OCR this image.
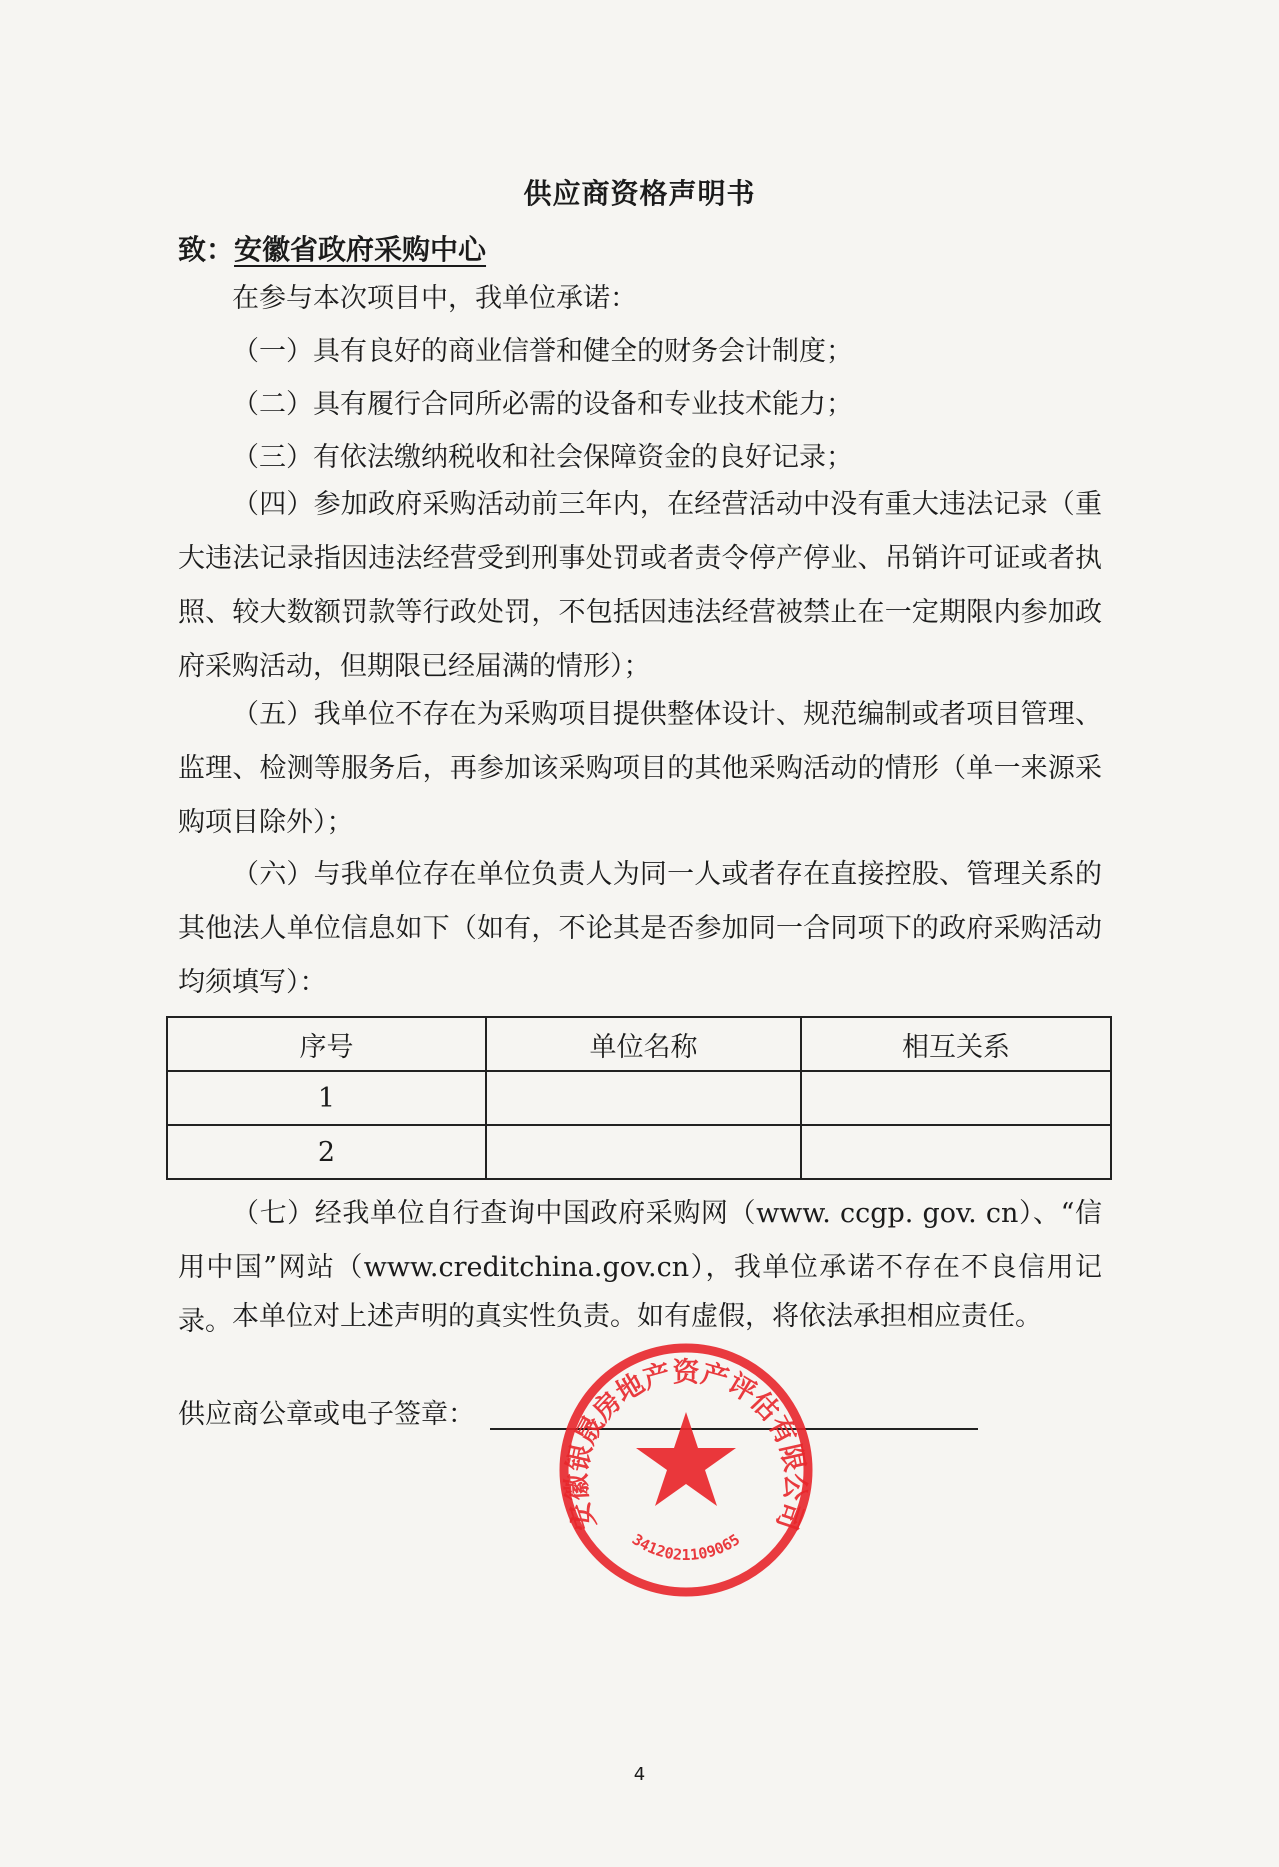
供应商资格声明书
致：安徽省政府采购中心

在参与本次项目中，我单位承诺：

（一）具有良好的商业信誉和健全的财务会计制度；

（二）具有履行合同所必需的设备和专业技术能力；

（三）有依法缴纳税收和社会保障资金的良好记录；

（四）参加政府采购活动前三年内，在经营活动中没有重大违法记录（重大违法记录指因违法经营受到刑事处罚或者责令停产停业、吊销许可证或者执照、较大数额罚款等行政处罚，不包括因违法经营被禁止在一定期限内参加政府采购活动，但期限已经届满的情形）；

（五）我单位不存在为采购项目提供整体设计、规范编制或者项目管理、监理、检测等服务后，再参加该采购项目的其他采购活动的情形（单一来源采购项目除外）；

（六）与我单位存在单位负责人为同一人或者存在直接控股、管理关系的其他法人单位信息如下（如有，不论其是否参加同一合同项下的政府采购活动均须填写）：

序号	单位名称	相互关系
1		
2		

（七）经我单位自行查询中国政府采购网（www. ccgp. gov. cn）、“信用中国”网站（www.creditchina.gov.cn），我单位承诺不存在不良信用记录。 本单位对上述声明的真实性负责。如有虚假，将依法承担相应责任。

供应商公章或电子签章：
安徽银晟房地产资产评估有限公司
3412021109065
4
